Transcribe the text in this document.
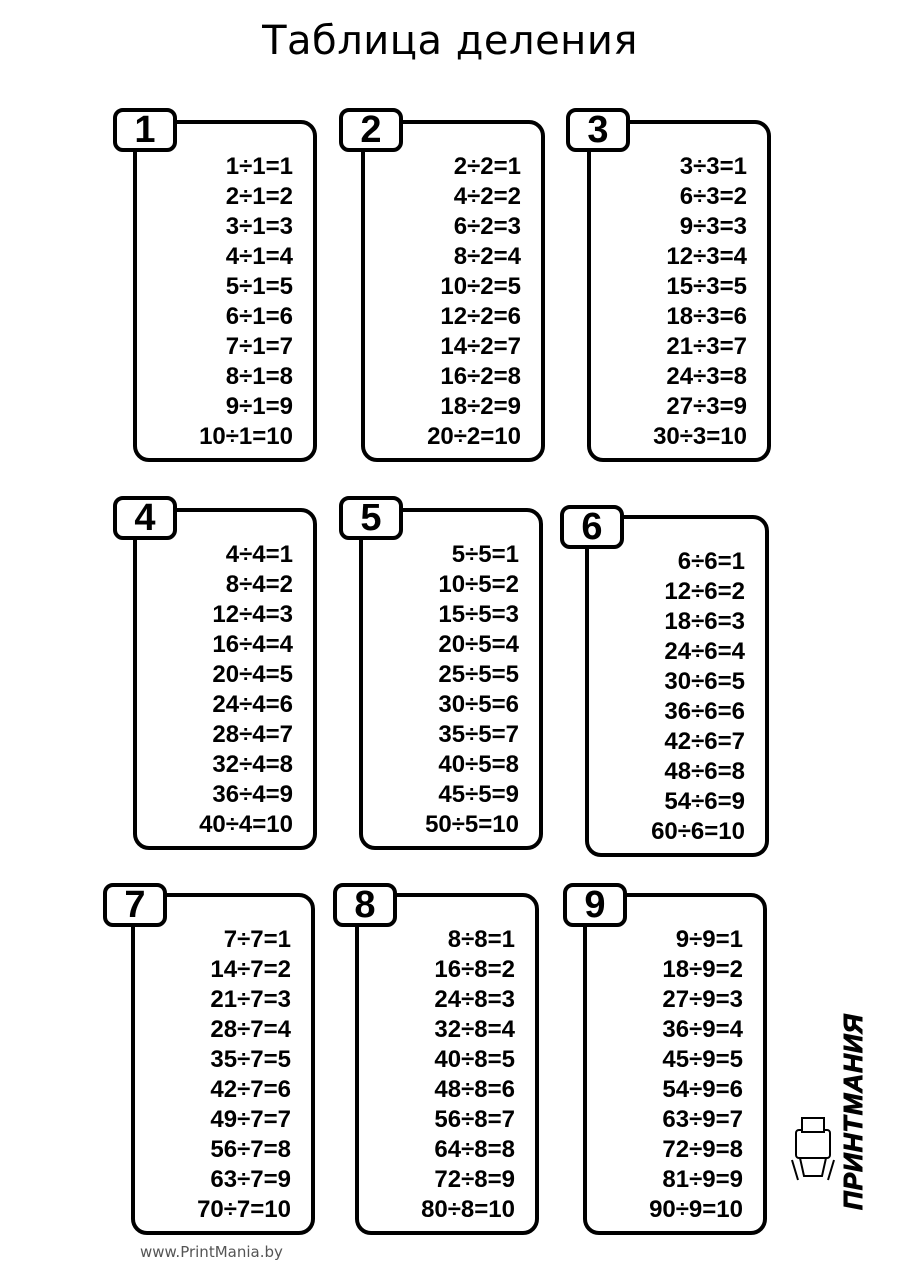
Таблица деления
1÷1=1
2÷1=2
3÷1=3
4÷1=4
5÷1=5
6÷1=6
7÷1=7
8÷1=8
9÷1=9
10÷1=10
1
2÷2=1
4÷2=2
6÷2=3
8÷2=4
10÷2=5
12÷2=6
14÷2=7
16÷2=8
18÷2=9
20÷2=10
2
3÷3=1
6÷3=2
9÷3=3
12÷3=4
15÷3=5
18÷3=6
21÷3=7
24÷3=8
27÷3=9
30÷3=10
3
4÷4=1
8÷4=2
12÷4=3
16÷4=4
20÷4=5
24÷4=6
28÷4=7
32÷4=8
36÷4=9
40÷4=10
4
5÷5=1
10÷5=2
15÷5=3
20÷5=4
25÷5=5
30÷5=6
35÷5=7
40÷5=8
45÷5=9
50÷5=10
5
6÷6=1
12÷6=2
18÷6=3
24÷6=4
30÷6=5
36÷6=6
42÷6=7
48÷6=8
54÷6=9
60÷6=10
6
7÷7=1
14÷7=2
21÷7=3
28÷7=4
35÷7=5
42÷7=6
49÷7=7
56÷7=8
63÷7=9
70÷7=10
7
8÷8=1
16÷8=2
24÷8=3
32÷8=4
40÷8=5
48÷8=6
56÷8=7
64÷8=8
72÷8=9
80÷8=10
8
9÷9=1
18÷9=2
27÷9=3
36÷9=4
45÷9=5
54÷9=6
63÷9=7
72÷9=8
81÷9=9
90÷9=10
9
ПРИНТМАНИЯ
www.PrintMania.by
